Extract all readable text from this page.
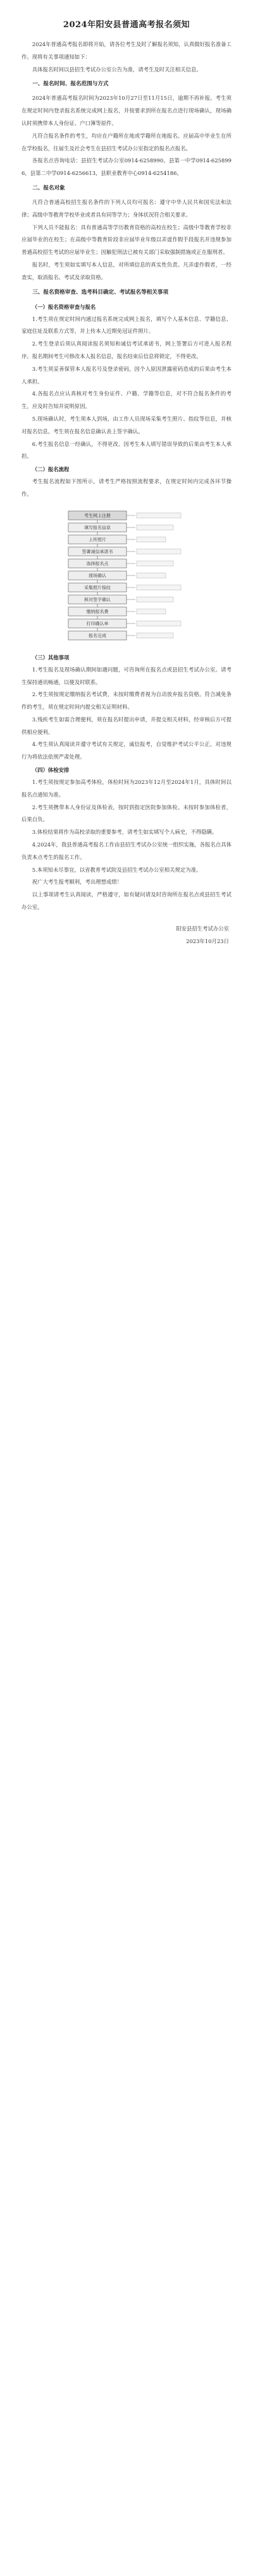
2024年阳安县普通高考报名须知

2024年普通高考报名即将开始，请各位考生及时了解报名须知，认真做好报名准备工作。现将有关事项通知如下：

具体报名时间以县招生考试办公室公告为准，请考生及时关注相关信息。

一、报名时间、报名范围与方式

2024年普通高考报名时间为2023年10月27日至11月15日，逾期不再补报。考生须在规定时间内登录报名系统完成网上报名，并按要求到所在报名点进行现场确认，现场确认时须携带本人身份证、户口簿等原件。

凡符合报名条件的考生，均应在户籍所在地或学籍所在地报名。应届高中毕业生在所在学校报名，往届生及社会考生在县招生考试办公室指定的报名点报名。

各报名点咨询电话：县招生考试办公室0914-6258990，县第一中学0914-6258996，县第二中学0914-6256613，县职业教育中心0914-6254186。

二、报名对象

凡符合普通高校招生报名条件的下列人员均可报名：遵守中华人民共和国宪法和法律；高级中等教育学校毕业或者具有同等学力；身体状况符合相关要求。

下列人员不能报名：具有普通高等学历教育资格的高校在校生；高级中等教育学校非应届毕业的在校生；在高级中等教育阶段非应届毕业年级以弄虚作假手段报名并违规参加普通高校招生考试的应届毕业生；因触犯刑法已被有关部门采取强制措施或正在服刑者。

报名时，考生须如实填写本人信息，对所填信息的真实性负责。凡弄虚作假者，一经查实，取消报名、考试及录取资格。

三、报名资格审查、选考科目确定、考试报名等相关事项
（一）报名资格审查与报名

1.考生须在规定时间内通过报名系统完成网上报名，填写个人基本信息、学籍信息、家庭住址及联系方式等，并上传本人近期免冠证件照片。

2.考生登录后须认真阅读报名须知和诚信考试承诺书，网上签署后方可进入报名程序。报名期间考生可修改本人报名信息，报名结束后信息将锁定，不得更改。

3.考生须妥善保管本人报名号及登录密码，因个人原因泄露密码造成的后果由考生本人承担。

4.各报名点应认真核对考生身份证件、户籍、学籍等信息，对不符合报名条件的考生，应及时告知并说明原因。

5.现场确认时，考生须本人到场，由工作人员现场采集考生照片、指纹等信息，并核对报名信息。考生须在报名信息确认表上签字确认。

6.考生报名信息一经确认，不得更改。因考生本人填写错误导致的后果由考生本人承担。

（二）报名流程

考生报名流程如下图所示，请考生严格按照流程要求，在规定时间内完成各环节操作。

考生网上注册
填写报名信息
上传照片
签署诚信承诺书
选择报名点
现场确认
采集照片指纹
核对签字确认
缴纳报名费
打印确认单
报名完成
（三）其他事项

1.考生报名及现场确认期间如遇问题，可咨询所在报名点或县招生考试办公室。请考生保持通讯畅通，以便及时联系。

2.考生须按规定缴纳报名考试费，未按时缴费者视为自动放弃报名资格。符合减免条件的考生，须在规定时间内提交相关证明材料。

3.残疾考生如需合理便利，须在报名时提出申请，并提交相关材料，经审核后方可提供相应便利。

4.考生须认真阅读并遵守考试有关规定，诚信报考，自觉维护考试公平公正。对违规行为将依法依规严肃处理。

（四）体检安排

1.考生须按规定参加高考体检，体检时间为2023年12月至2024年1月，具体时间以报名点通知为准。

2.考生须携带本人身份证及体检表，按时到指定医院参加体检。未按时参加体检者，后果自负。

3.体检结果将作为高校录取的重要参考，请考生如实填写个人病史，不得隐瞒。

4.2024年，我县普通高考报名工作由县招生考试办公室统一组织实施，各报名点具体负责本点考生的报名工作。

5.本须知未尽事宜，以省教育考试院及县招生考试办公室相关规定为准。

祝广大考生报考顺利，考出理想成绩！

以上事项请考生认真阅读，严格遵守，如有疑问请及时咨询所在报名点或县招生考试办公室。

阳安县招生考试办公室
2023年10月23日
